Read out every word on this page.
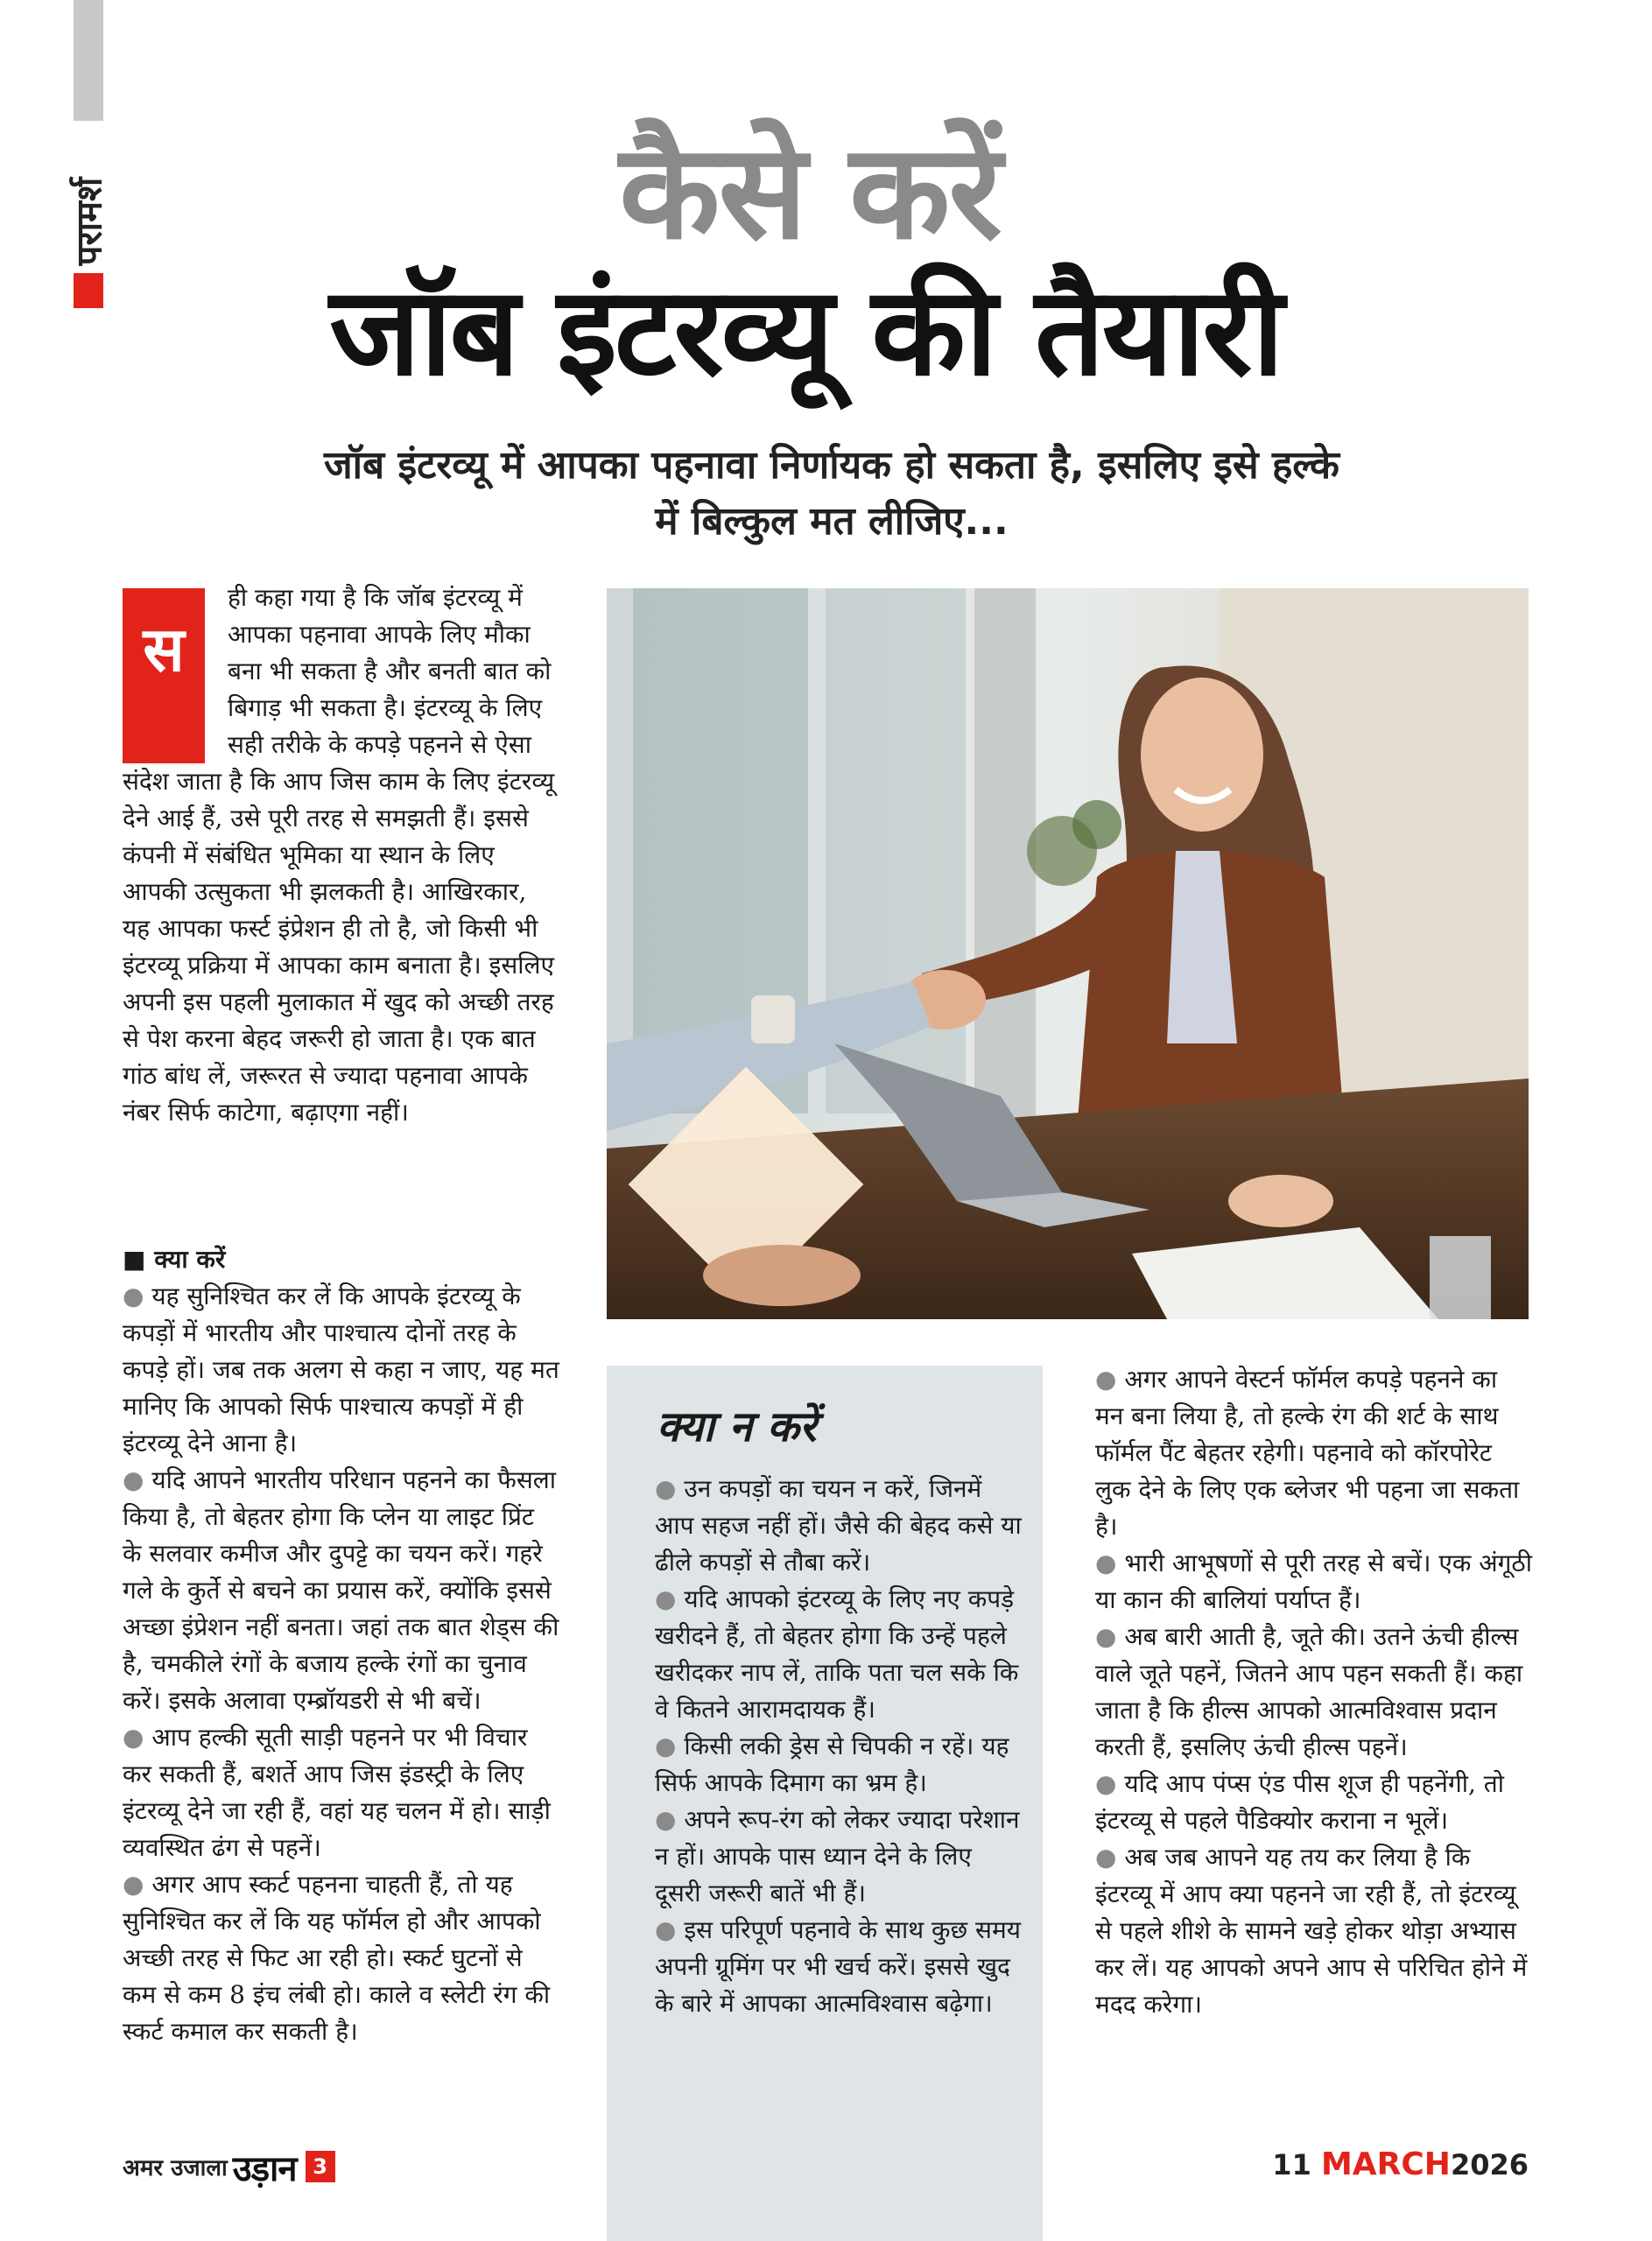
परामर्श	कैसे करें
जॉब इंटरव्यू की तैयारी
जॉब इंटरव्यू में आपका पहनावा निर्णायक हो सकता है, इसलिए इसे हल्के
में बिल्कुल मत लीजिए...
स

ही कहा गया है कि जॉब इंटरव्यू में आपका पहनावा आपके लिए मौका बना भी सकता है और बनती बात को बिगाड़ भी सकता है। इंटरव्यू के लिए सही तरीके के कपड़े पहनने से ऐसा संदेश जाता है कि आप जिस काम के लिए इंटरव्यू देने आई हैं, उसे पूरी तरह से समझती हैं। इससे कंपनी में संबंधित भूमिका या स्थान के लिए आपकी उत्सुकता भी झलकती है। आखिरकार, यह आपका फर्स्ट इंप्रेशन ही तो है, जो किसी भी इंटरव्यू प्रक्रिया में आपका काम बनाता है। इसलिए अपनी इस पहली मुलाकात में खुद को अच्छी तरह से पेश करना बेहद जरूरी हो जाता है। एक बात गांठ बांध लें, जरूरत से ज्यादा पहनावा आपके नंबर सिर्फ काटेगा, बढ़ाएगा नहीं।

■ क्या करें

● यह सुनिश्चित कर लें कि आपके इंटरव्यू के कपड़ों में भारतीय और पाश्चात्य दोनों तरह के कपड़े हों। जब तक अलग से कहा न जाए, यह मत मानिए कि आपको सिर्फ पाश्चात्य कपड़ों में ही इंटरव्यू देने आना है।

● यदि आपने भारतीय परिधान पहनने का फैसला किया है, तो बेहतर होगा कि प्लेन या लाइट प्रिंट के सलवार कमीज और दुपट्टे का चयन करें। गहरे गले के कुर्ते से बचने का प्रयास करें, क्योंकि इससे अच्छा इंप्रेशन नहीं बनता। जहां तक बात शेड्स की है, चमकीले रंगों के बजाय हल्के रंगों का चुनाव करें। इसके अलावा एम्ब्रॉयडरी से भी बचें।

● आप हल्की सूती साड़ी पहनने पर भी विचार कर सकती हैं, बशर्ते आप जिस इंडस्ट्री के लिए इंटरव्यू देने जा रही हैं, वहां यह चलन में हो। साड़ी व्यवस्थित ढंग से पहनें।

● अगर आप स्कर्ट पहनना चाहती हैं, तो यह सुनिश्चित कर लें कि यह फॉर्मल हो और आपको अच्छी तरह से फिट आ रही हो। स्कर्ट घुटनों से कम से कम 8 इंच लंबी हो। काले व स्लेटी रंग की स्कर्ट कमाल कर सकती है।

क्या न करें

● उन कपड़ों का चयन न करें, जिनमें आप सहज नहीं हों। जैसे की बेहद कसे या ढीले कपड़ों से तौबा करें।

● यदि आपको इंटरव्यू के लिए नए कपड़े खरीदने हैं, तो बेहतर होगा कि उन्हें पहले खरीदकर नाप लें, ताकि पता चल सके कि वे कितने आरामदायक हैं।

● किसी लकी ड्रेस से चिपकी न रहें। यह सिर्फ आपके दिमाग का भ्रम है।

● अपने रूप-रंग को लेकर ज्यादा परेशान न हों। आपके पास ध्यान देने के लिए दूसरी जरूरी बातें भी हैं।

● इस परिपूर्ण पहनावे के साथ कुछ समय अपनी ग्रूमिंग पर भी खर्च करें। इससे खुद के बारे में आपका आत्मविश्वास बढ़ेगा।

● अगर आपने वेस्टर्न फॉर्मल कपड़े पहनने का मन बना लिया है, तो हल्के रंग की शर्ट के साथ फॉर्मल पैंट बेहतर रहेगी। पहनावे को कॉरपोरेट लुक देने के लिए एक ब्लेजर भी पहना जा सकता है।

● भारी आभूषणों से पूरी तरह से बचें। एक अंगूठी या कान की बालियां पर्याप्त हैं।

● अब बारी आती है, जूते की। उतने ऊंची हील्स वाले जूते पहनें, जितने आप पहन सकती हैं। कहा जाता है कि हील्स आपको आत्मविश्वास प्रदान करती हैं, इसलिए ऊंची हील्स पहनें।

● यदि आप पंप्स एंड पीस शूज ही पहनेंगी, तो इंटरव्यू से पहले पैडिक्योर कराना न भूलें।

● अब जब आपने यह तय कर लिया है कि इंटरव्यू में आप क्या पहनने जा रही हैं, तो इंटरव्यू से पहले शीशे के सामने खड़े होकर थोड़ा अभ्यास कर लें। यह आपको अपने आप से परिचित होने में मदद करेगा।

अमर उजाला उड़ान 3	11 MARCH2026
